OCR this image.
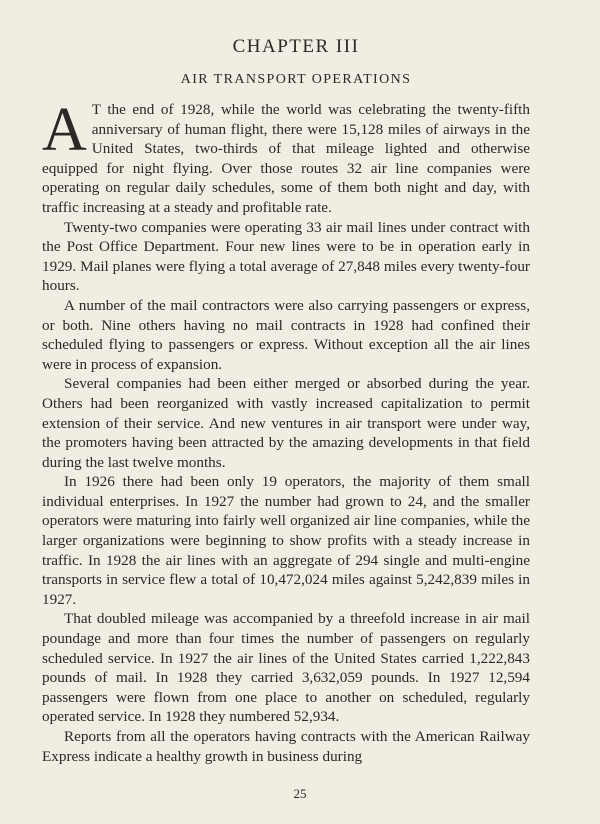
CHAPTER III
AIR TRANSPORT OPERATIONS

A T the end of 1928, while the world was celebrating the twenty-fifth anniversary of human flight, there were 15,128 miles of airways in the United States, two-thirds of that mileage lighted and otherwise equipped for night flying. Over those routes 32 air line companies were operating on regular daily schedules, some of them both night and day, with traffic increasing at a steady and profitable rate.

Twenty-two companies were operating 33 air mail lines under contract with the Post Office Department. Four new lines were to be in operation early in 1929. Mail planes were flying a total average of 27,848 miles every twenty-four hours.

A number of the mail contractors were also carrying passengers or express, or both. Nine others having no mail contracts in 1928 had confined their scheduled flying to passengers or express. Without exception all the air lines were in process of expansion.

Several companies had been either merged or absorbed during the year. Others had been reorganized with vastly increased capitalization to permit extension of their service. And new ventures in air transport were under way, the promoters having been attracted by the amazing developments in that field during the last twelve months.

In 1926 there had been only 19 operators, the majority of them small individual enterprises. In 1927 the number had grown to 24, and the smaller operators were maturing into fairly well organized air line companies, while the larger organizations were beginning to show profits with a steady increase in traffic. In 1928 the air lines with an aggregate of 294 single and multi-engine transports in service flew a total of 10,472,024 miles against 5,242,839 miles in 1927.

That doubled mileage was accompanied by a threefold increase in air mail poundage and more than four times the number of passengers on regularly scheduled service. In 1927 the air lines of the United States carried 1,222,843 pounds of mail. In 1928 they carried 3,632,059 pounds. In 1927 12,594 passengers were flown from one place to another on scheduled, regularly operated service. In 1928 they numbered 52,934.

Reports from all the operators having contracts with the American Railway Express indicate a healthy growth in business during

25
